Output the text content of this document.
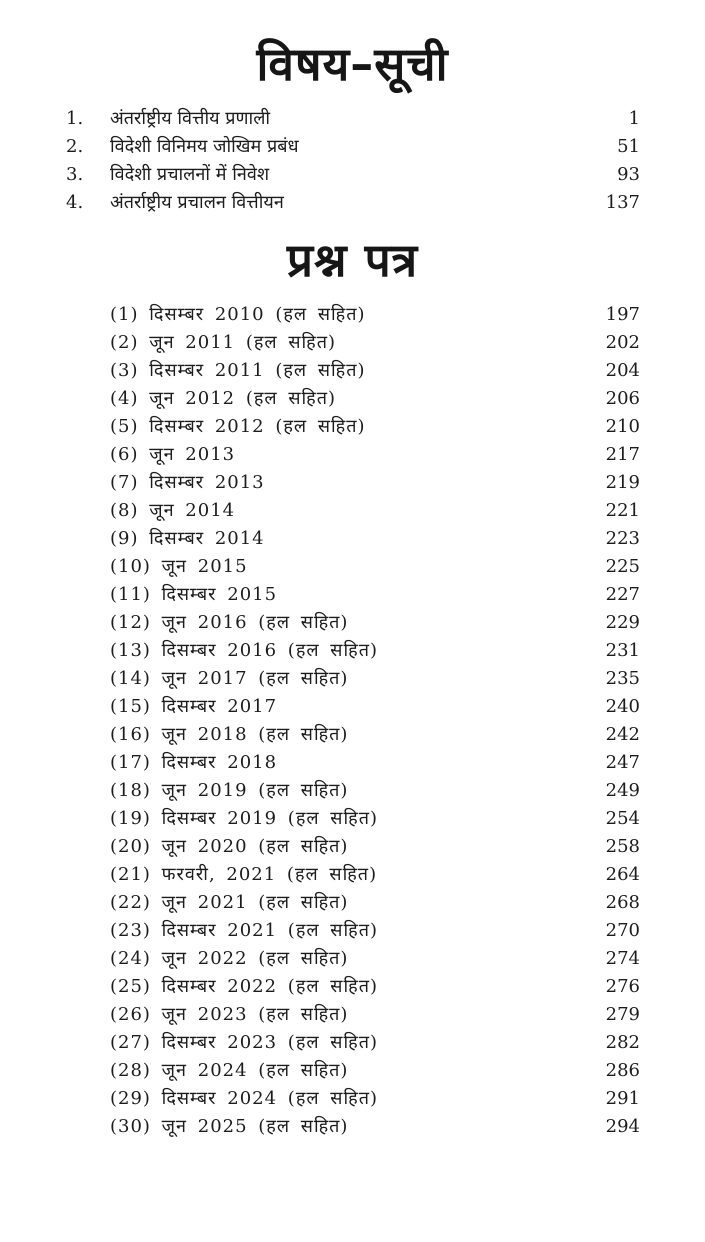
विषय–सूची
1.	अंतर्राष्ट्रीय वित्तीय प्रणाली	1
2.	विदेशी विनिमय जोखिम प्रबंध	51
3.	विदेशी प्रचालनों में निवेश	93
4.	अंतर्राष्ट्रीय प्रचालन वित्तीयन	137
प्रश्न पत्र
(1) दिसम्बर 2010 (हल सहित)	197
(2) जून 2011 (हल सहित)	202
(3) दिसम्बर 2011 (हल सहित)	204
(4) जून 2012 (हल सहित)	206
(5) दिसम्बर 2012 (हल सहित)	210
(6) जून 2013	217
(7) दिसम्बर 2013	219
(8) जून 2014	221
(9) दिसम्बर 2014	223
(10) जून 2015	225
(11) दिसम्बर 2015	227
(12) जून 2016 (हल सहित)	229
(13) दिसम्बर 2016 (हल सहित)	231
(14) जून 2017 (हल सहित)	235
(15) दिसम्बर 2017	240
(16) जून 2018 (हल सहित)	242
(17) दिसम्बर 2018	247
(18) जून 2019 (हल सहित)	249
(19) दिसम्बर 2019 (हल सहित)	254
(20) जून 2020 (हल सहित)	258
(21) फरवरी, 2021 (हल सहित)	264
(22) जून 2021 (हल सहित)	268
(23) दिसम्बर 2021 (हल सहित)	270
(24) जून 2022 (हल सहित)	274
(25) दिसम्बर 2022 (हल सहित)	276
(26) जून 2023 (हल सहित)	279
(27) दिसम्बर 2023 (हल सहित)	282
(28) जून 2024 (हल सहित)	286
(29) दिसम्बर 2024 (हल सहित)	291
(30) जून 2025 (हल सहित)	294
